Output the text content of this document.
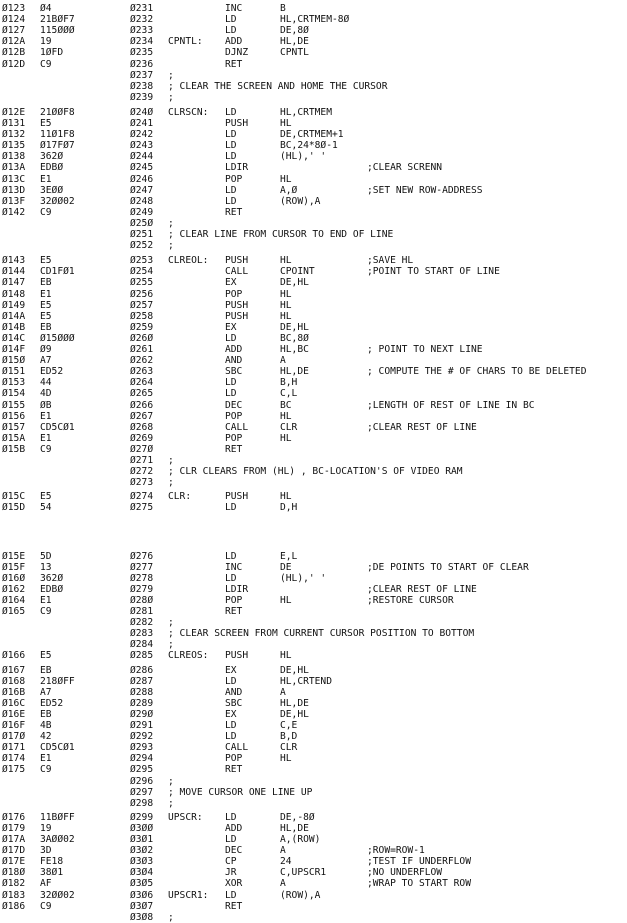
Ø123 Ø4	Ø231	INC	B
Ø124 21BØF7	Ø232	LD	HL,CRTMEM-8Ø
Ø127 115ØØØ	Ø233	LD	DE,8Ø
Ø12A 19	Ø234 CPNTL: ADD	HL,DE
Ø12B 1ØFD	Ø235	DJNZ	CPNTL
Ø12D C9	Ø236	RET
Ø237 ;
Ø238 ; CLEAR THE SCREEN AND HOME THE CURSOR
Ø239 ;
Ø12E 21ØØF8	Ø24Ø CLRSCN: LD	HL,CRTMEM
Ø131 E5	Ø241	PUSH	HL
Ø132 11Ø1F8	Ø242	LD	DE,CRTMEM+1
Ø135 Ø17FØ7	Ø243	LD	BC,24*8Ø-1
Ø138 362Ø	Ø244	LD	(HL),' '
Ø13A EDBØ	Ø245	LDIR	;CLEAR SCRENN
Ø13C E1	Ø246	POP	HL
Ø13D 3EØØ	Ø247	LD	A,Ø	;SET NEW ROW-ADDRESS
Ø13F 32ØØ02	Ø248	LD	(ROW),A
Ø142 C9	Ø249	RET
Ø25Ø ;
Ø251 ; CLEAR LINE FROM CURSOR TO END OF LINE
Ø252 ;
Ø143 E5	Ø253 CLREOL: PUSH	HL	;SAVE HL
Ø144 CD1FØ1	Ø254	CALL	CPOINT	;POINT TO START OF LINE
Ø147 EB	Ø255	EX	DE,HL
Ø148 E1	Ø256	POP	HL
Ø149 E5	Ø257	PUSH	HL
Ø14A E5	Ø258	PUSH	HL
Ø14B EB	Ø259	EX	DE,HL
Ø14C Ø15ØØØ	Ø26Ø	LD	BC,8Ø
Ø14F Ø9	Ø261	ADD	HL,BC	; POINT TO NEXT LINE
Ø15Ø A7	Ø262	AND	A
Ø151 ED52	Ø263	SBC	HL,DE	; COMPUTE THE # OF CHARS TO BE DELETED
Ø153 44	Ø264	LD	B,H
Ø154 4D	Ø265	LD	C,L
Ø155 ØB	Ø266	DEC	BC	;LENGTH OF REST OF LINE IN BC
Ø156 E1	Ø267	POP	HL
Ø157 CD5CØ1	Ø268	CALL	CLR	;CLEAR REST OF LINE
Ø15A E1	Ø269	POP	HL
Ø15B C9	Ø27Ø	RET
Ø271 ;
Ø272 ; CLR CLEARS FROM (HL) , BC-LOCATION'S OF VIDEO RAM
Ø273 ;
Ø15C E5	Ø274 CLR:	PUSH	HL
Ø15D 54	Ø275	LD	D,H
Ø15E 5D	Ø276	LD	E,L
Ø15F 13	Ø277	INC	DE	;DE POINTS TO START OF CLEAR
Ø16Ø 362Ø	Ø278	LD	(HL),' '
Ø162 EDBØ	Ø279	LDIR	;CLEAR REST OF LINE
Ø164 E1	Ø28Ø	POP	HL	;RESTORE CURSOR
Ø165 C9	Ø281	RET
Ø282 ;
Ø283 ; CLEAR SCREEN FROM CURRENT CURSOR POSITION TO BOTTOM
Ø284 ;
Ø166 E5	Ø285 CLREOS: PUSH	HL
Ø167 EB	Ø286	EX	DE,HL
Ø168 218ØFF	Ø287	LD	HL,CRTEND
Ø16B A7	Ø288	AND	A
Ø16C ED52	Ø289	SBC	HL,DE
Ø16E EB	Ø29Ø	EX	DE,HL
Ø16F 4B	Ø291	LD	C,E
Ø17Ø 42	Ø292	LD	B,D
Ø171 CD5CØ1	Ø293	CALL	CLR
Ø174 E1	Ø294	POP	HL
Ø175 C9	Ø295	RET
Ø296 ;
Ø297 ; MOVE CURSOR ONE LINE UP
Ø298 ;
Ø176 11BØFF	Ø299 UPSCR: LD	DE,-8Ø
Ø179 19	Ø3ØØ	ADD	HL,DE
Ø17A 3AØØ02	Ø3Ø1	LD	A,(ROW)
Ø17D 3D	Ø3Ø2	DEC	A	;ROW=ROW-1
Ø17E FE18	Ø3Ø3	CP	24	;TEST IF UNDERFLOW
Ø18Ø 38Ø1	Ø3Ø4	JR	C,UPSCR1	;NO UNDERFLOW
Ø182 AF	Ø3Ø5	XOR	A	;WRAP TO START ROW
Ø183 32ØØ02	Ø3Ø6 UPSCR1: LD	(ROW),A
Ø186 C9	Ø3Ø7	RET
Ø3Ø8 ;
